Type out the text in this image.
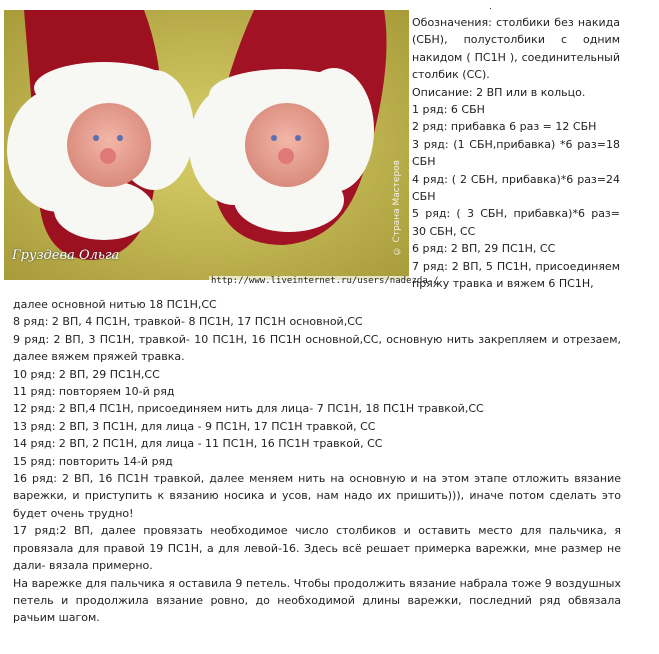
.
Груздева Ольга
http://www.liveinternet.ru/users/nadezda-/
© Страна Мастеров

Обозначения: столбики без накида (СБН), полустолбики с одним накидом ( ПС1Н ), соединительный столбик (СС).

Описание: 2 ВП или в кольцо.

1 ряд: 6 СБН

2 ряд: прибавка 6 раз = 12 СБН

3 ряд: (1 СБН,прибавка) *6 раз=18 СБН

4 ряд: ( 2 СБН, прибавка)*6 раз=24 СБН

5 ряд: ( 3 СБН, прибавка)*6 раз= 30 СБН, СС

6 ряд: 2 ВП, 29 ПС1Н, СС

7 ряд: 2 ВП, 5 ПС1Н, присоединяем пряжу травка и вяжем 6 ПС1Н,

далее основной нитью 18 ПС1Н,СС

8 ряд: 2 ВП, 4 ПС1Н, травкой- 8 ПС1Н, 17 ПС1Н основной,СС

9 ряд: 2 ВП, 3 ПС1Н, травкой- 10 ПС1Н, 16 ПС1Н основной,СС, основную нить закрепляем и отрезаем, далее вяжем пряжей травка.

10 ряд: 2 ВП, 29 ПС1Н,СС

11 ряд: повторяем 10-й ряд

12 ряд: 2 ВП,4 ПС1Н, присоединяем нить для лица- 7 ПС1Н, 18 ПС1Н травкой,СС

13 ряд: 2 ВП, 3 ПС1Н, для лица - 9 ПС1Н, 17 ПС1Н травкой, СС

14 ряд: 2 ВП, 2 ПС1Н, для лица - 11 ПС1Н, 16 ПС1Н травкой, СС

15 ряд: повторить 14-й ряд

16 ряд: 2 ВП, 16 ПС1Н травкой, далее меняем нить на основную и на этом этапе отложить вязание варежки, и приступить к вязанию носика и усов, нам надо их пришить))), иначе потом сделать это будет очень трудно!

17 ряд:2 ВП, далее провязать необходимое число столбиков и оставить место для пальчика, я провязала для правой 19 ПС1Н, а для левой-16. Здесь всё решает примерка варежки, мне размер не дали- вязала примерно.

На варежке для пальчика я оставила 9 петель. Чтобы продолжить вязание набрала тоже 9 воздушных петель и продолжила вязание ровно, до необходимой длины варежки, последний ряд обвязала рачьим шагом.
